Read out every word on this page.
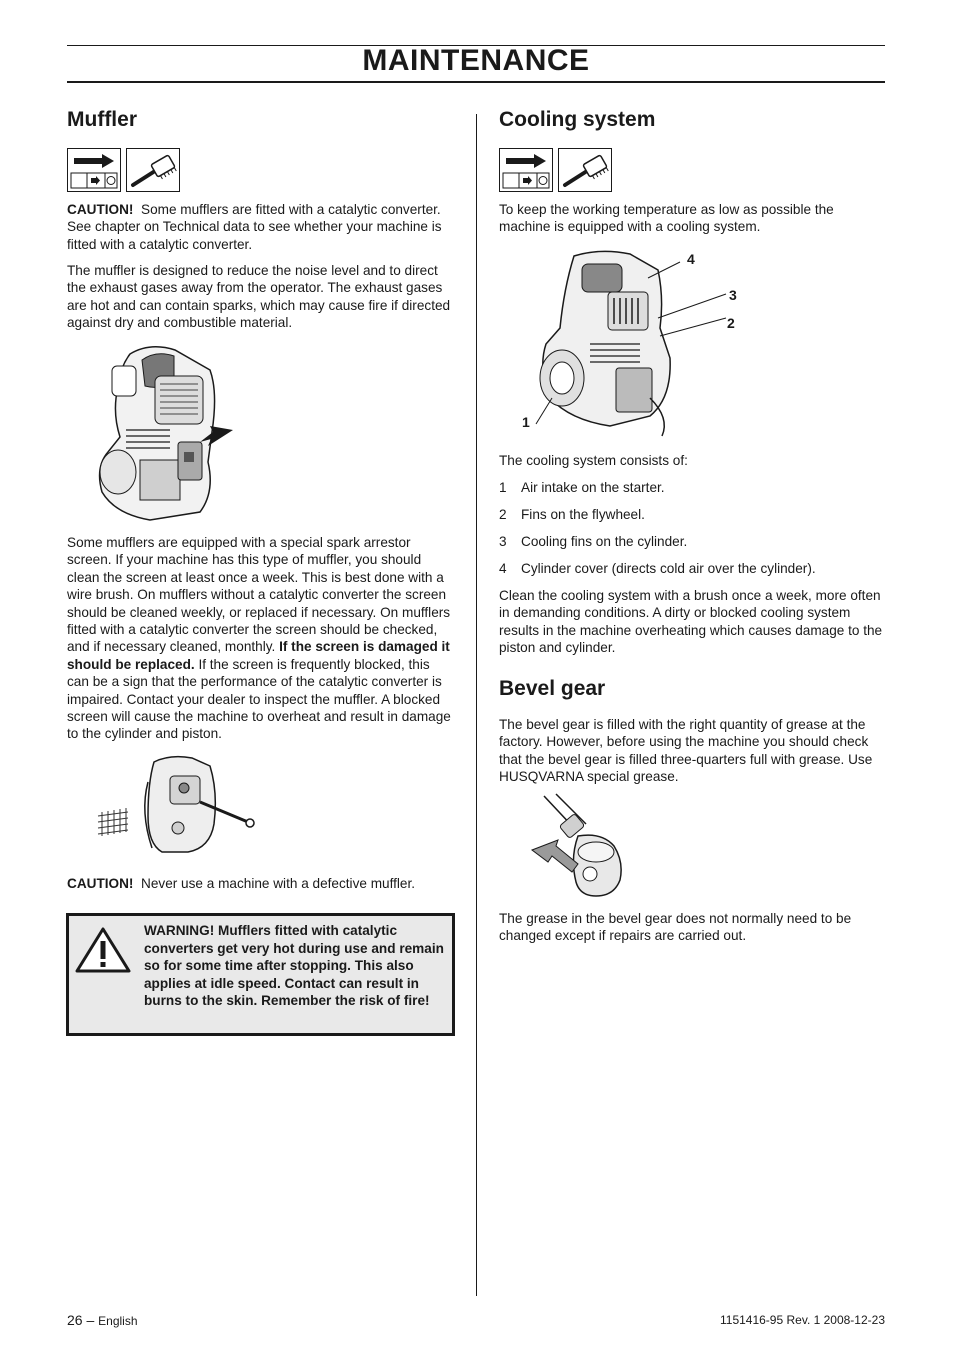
MAINTENANCE
Muffler

CAUTION! Some mufflers are fitted with a catalytic converter. See chapter on Technical data to see whether your machine is fitted with a catalytic converter.

The muffler is designed to reduce the noise level and to direct the exhaust gases away from the operator. The exhaust gases are hot and can contain sparks, which may cause fire if directed against dry and combustible material.

Some mufflers are equipped with a special spark arrestor screen. If your machine has this type of muffler, you should clean the screen at least once a week. This is best done with a wire brush. On mufflers without a catalytic converter the screen should be cleaned weekly, or replaced if necessary. On mufflers fitted with a catalytic converter the screen should be checked, and if necessary cleaned, monthly. If the screen is damaged it should be replaced. If the screen is frequently blocked, this can be a sign that the performance of the catalytic converter is impaired. Contact your dealer to inspect the muffler. A blocked screen will cause the machine to overheat and result in damage to the cylinder and piston.

CAUTION! Never use a machine with a defective muffler.

WARNING! Mufflers fitted with catalytic converters get very hot during use and remain so for some time after stopping. This also applies at idle speed. Contact can result in burns to the skin. Remember the risk of fire!

Cooling system

To keep the working temperature as low as possible the machine is equipped with a cooling system.

4
3
2
1

The cooling system consists of:

1 Air intake on the starter.
2 Fins on the flywheel.
3 Cooling fins on the cylinder.
4 Cylinder cover (directs cold air over the cylinder).

Clean the cooling system with a brush once a week, more often in demanding conditions. A dirty or blocked cooling system results in the machine overheating which causes damage to the piston and cylinder.

Bevel gear

The bevel gear is filled with the right quantity of grease at the factory. However, before using the machine you should check that the bevel gear is filled three-quarters full with grease. Use HUSQVARNA special grease.

The grease in the bevel gear does not normally need to be changed except if repairs are carried out.

26 – English	1151416-95 Rev. 1 2008-12-23
